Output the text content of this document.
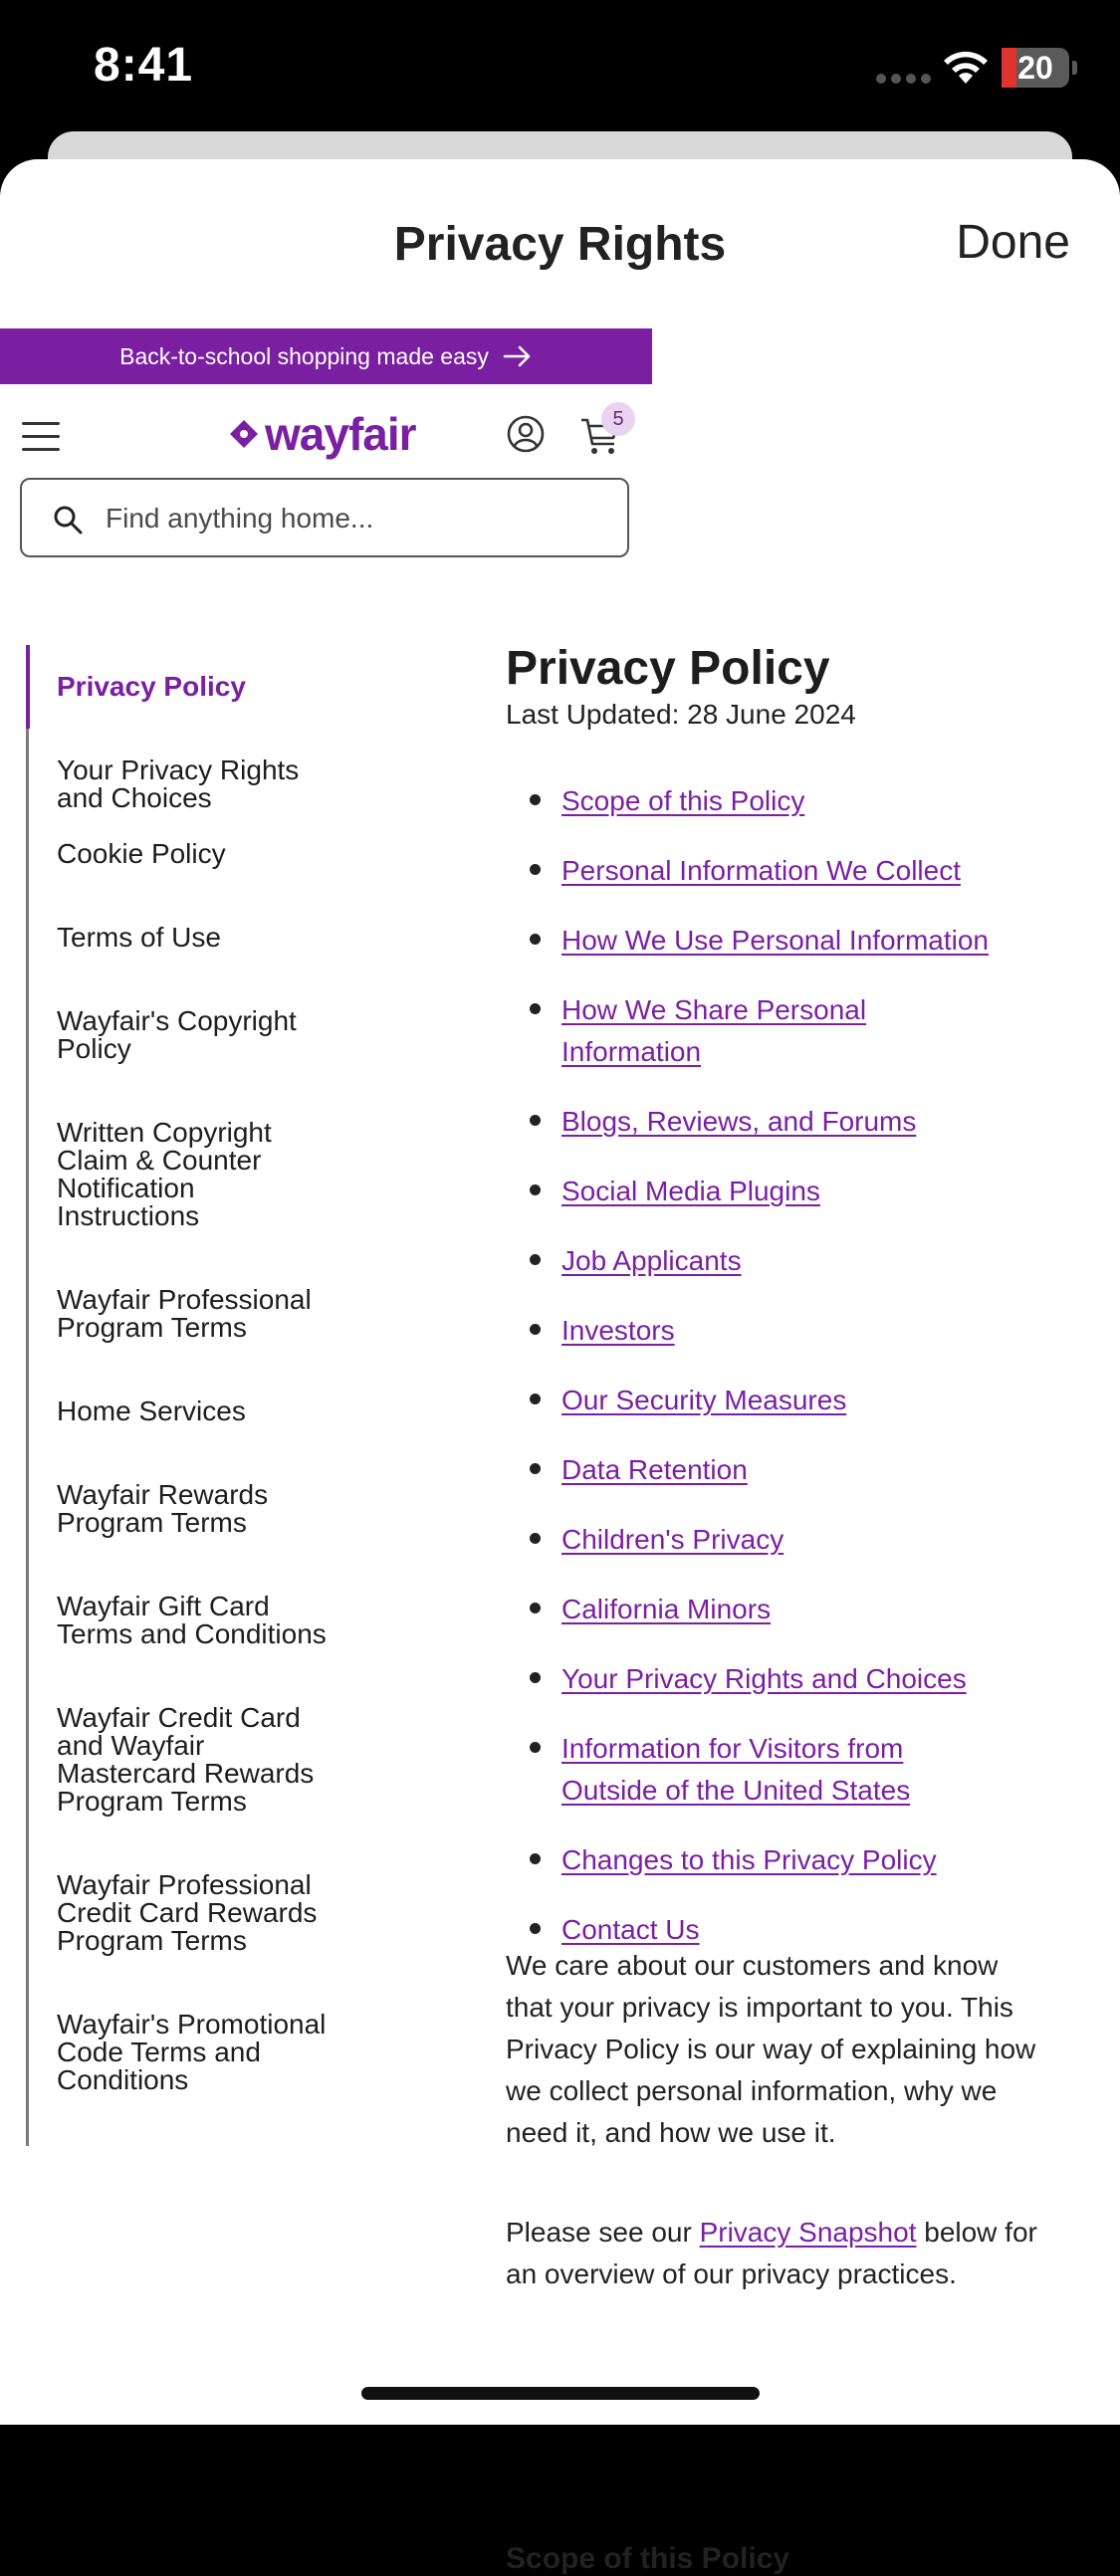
8:41	20
Privacy Rights	Done
Back-to-school shopping made easy
wayfair	5
Find anything home...
Privacy Policy
Your Privacy Rights
and Choices
Cookie Policy
Terms of Use
Wayfair's Copyright
Policy
Written Copyright
Claim & Counter
Notification
Instructions
Wayfair Professional
Program Terms
Home Services
Wayfair Rewards
Program Terms
Wayfair Gift Card
Terms and Conditions
Wayfair Credit Card
and Wayfair
Mastercard Rewards
Program Terms
Wayfair Professional
Credit Card Rewards
Program Terms
Wayfair's Promotional
Code Terms and
Conditions
Privacy Policy
Last Updated: 28 June 2024
Scope of this Policy
Personal Information We Collect
How We Use Personal Information
How We Share Personal Information
Blogs, Reviews, and Forums
Social Media Plugins
Job Applicants
Investors
Our Security Measures
Data Retention
Children's Privacy
California Minors
Your Privacy Rights and Choices
Information for Visitors from Outside of the United States
Changes to this Privacy Policy
Contact Us

We care about our customers and know that your privacy is important to you. This Privacy Policy is our way of explaining how we collect personal information, why we need it, and how we use it.

Please see our Privacy Snapshot below for an overview of our privacy practices.

Scope of this Policy
